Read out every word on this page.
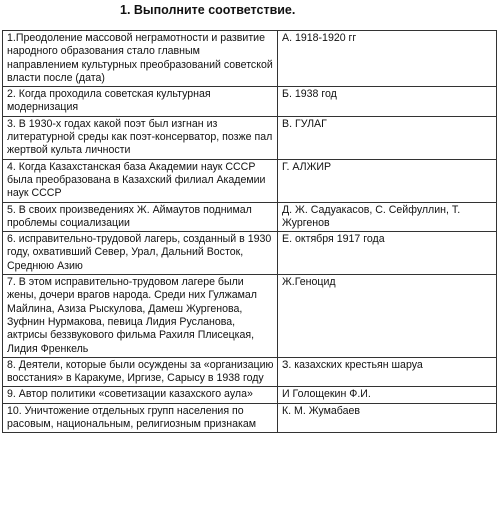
1. Выполните соответствие.
1.Преодоление массовой неграмотности и развитие народного образования стало главным направлением культурных преобразований советской власти после (дата)	А. 1918-1920 гг
2. Когда проходила советская культурная модернизация	Б. 1938 год
3. В 1930-х годах какой поэт был изгнан из литературной среды как поэт-консерватор, позже пал жертвой культа личности	В. ГУЛАГ
4. Когда Казахстанская база Академии наук СССР была преобразована в Казахский филиал Академии наук СССР	Г. АЛЖИР
5. В своих произведениях Ж. Аймаутов поднимал проблемы социализации	Д. Ж. Садуакасов, С. Сейфуллин, Т. Жургенов
6. исправительно-трудовой лагерь, созданный в 1930 году, охвативший Север, Урал, Дальний Восток, Среднюю Азию	Е. октября 1917 года
7. В этом исправительно-трудовом лагере были жены, дочери врагов народа. Среди них Гулжамал Майлина, Азиза Рыскулова, Дамеш Жургенова, Зуфнин Нурмакова, певица Лидия Русланова, актрисы беззвукового фильма Рахиля Плисецкая, Лидия Френкель	Ж.Геноцид
8. Деятели, которые были осуждены за «организацию восстания» в Каракуме, Иргизе, Сарысу в 1938 году	З. казахских крестьян шаруа
9. Автор политики «советизации казахского аула»	И Голощекин Ф.И.
10. Уничтожение отдельных групп населения по расовым, национальным, религиозным признакам	К. М. Жумабаев
